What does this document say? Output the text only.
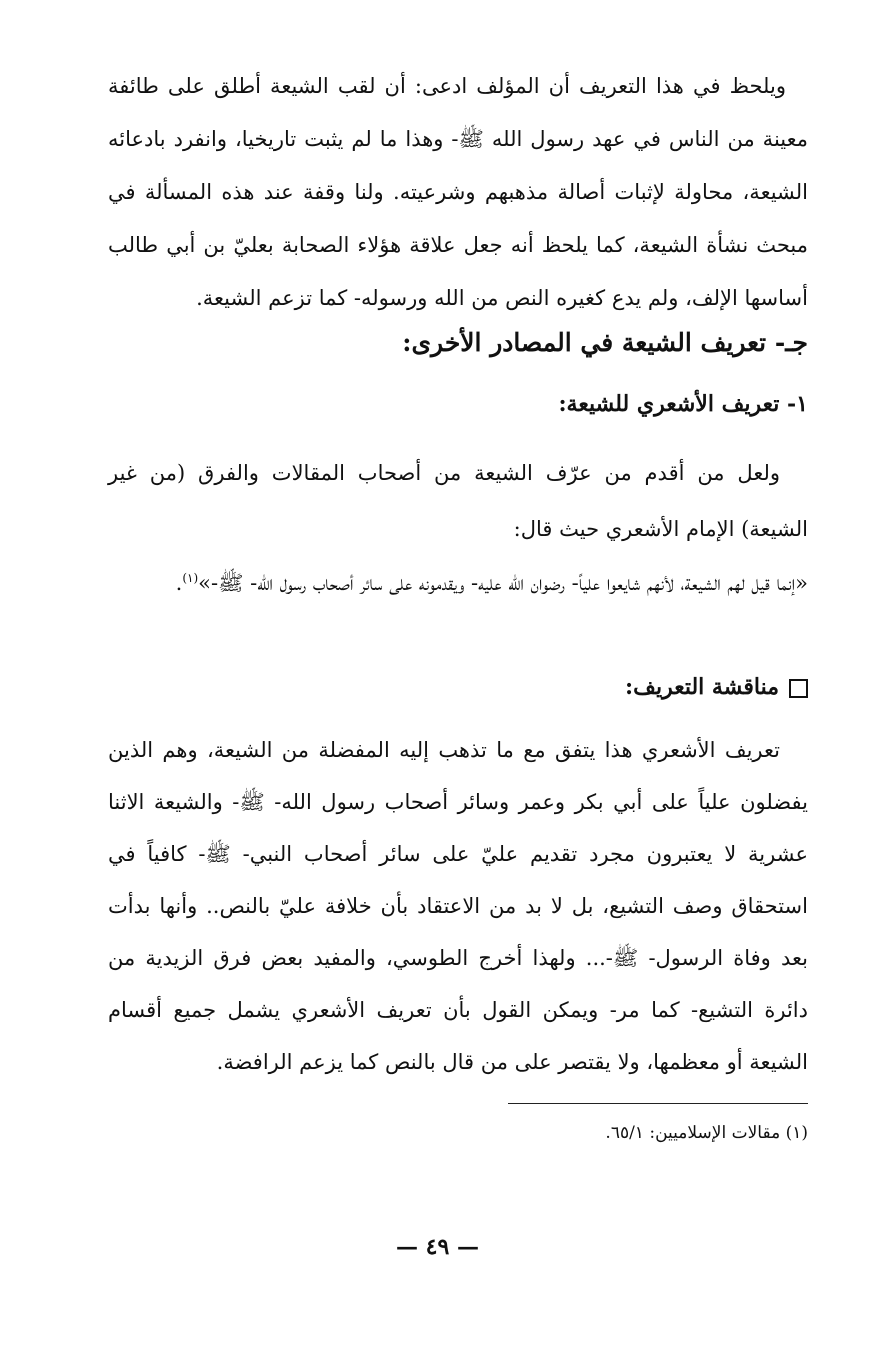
ويلحظ في هذا التعريف أن المؤلف ادعى: أن لقب الشيعة أطلق على طائفة معينة من الناس في عهد رسول الله ﷺ- وهذا ما لم يثبت تاريخيا، وانفرد بادعائه الشيعة، محاولة لإثبات أصالة مذهبهم وشرعيته. ولنا وقفة عند هذه المسألة في مبحث نشأة الشيعة، كما يلحظ أنه جعل علاقة هؤلاء الصحابة بعليّ بن أبي طالب أساسها الإلف، ولم يدع كغيره النص من الله ورسوله- كما تزعم الشيعة.
جـ- تعريف الشيعة في المصادر الأخرى:
١- تعريف الأشعري للشيعة:
ولعل من أقدم من عرّف الشيعة من أصحاب المقالات والفرق (من غير الشيعة) الإمام الأشعري حيث قال:
«إنما قيل لهم الشيعة، لأنهم شايعوا علياً- رضوان الله عليه- ويقدمونه على سائر أصحاب رسول الله- ﷺ-»$^{(١)}$.
مناقشة التعريف:
تعريف الأشعري هذا يتفق مع ما تذهب إليه المفضلة من الشيعة، وهم الذين يفضلون علياً على أبي بكر وعمر وسائر أصحاب رسول الله- ﷺ- والشيعة الاثنا عشرية لا يعتبرون مجرد تقديم عليّ على سائر أصحاب النبي- ﷺ- كافياً في استحقاق وصف التشيع، بل لا بد من الاعتقاد بأن خلافة عليّ بالنص.. وأنها بدأت بعد وفاة الرسول- ﷺ-... ولهذا أخرج الطوسي، والمفيد بعض فرق الزيدية من دائرة التشيع- كما مر- ويمكن القول بأن تعريف الأشعري يشمل جميع أقسام الشيعة أو معظمها، ولا يقتصر على من قال بالنص كما يزعم الرافضة.
(١) مقالات الإسلاميين: ٦٥/١.
— ٤٩ —
